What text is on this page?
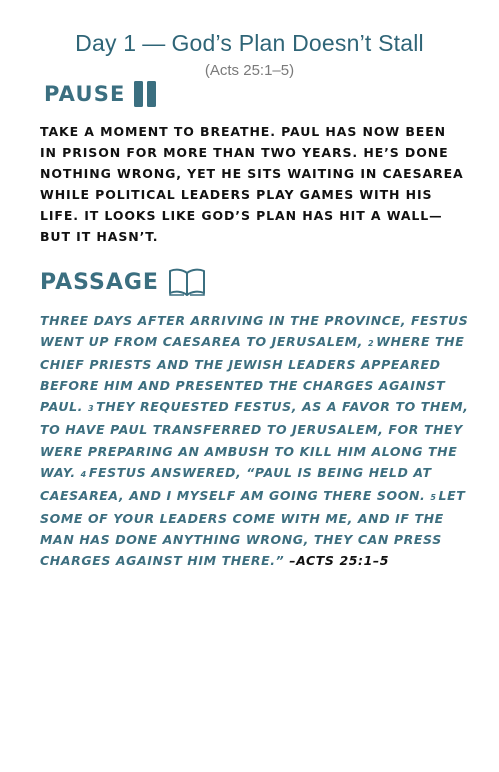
Day 1 — God’s Plan Doesn’t Stall
(Acts 25:1–5)
PAUSE
TAKE A MOMENT TO BREATHE. PAUL HAS NOW BEEN
IN PRISON FOR MORE THAN TWO YEARS. HE’S DONE
NOTHING WRONG, YET HE SITS WAITING IN CAESAREA
WHILE POLITICAL LEADERS PLAY GAMES WITH HIS
LIFE. IT LOOKS LIKE GOD’S PLAN HAS HIT A WALL—
BUT IT HASN’T.
PASSAGE
THREE DAYS AFTER ARRIVING IN THE PROVINCE, FESTUS
WENT UP FROM CAESAREA TO JERUSALEM, 2 WHERE THE
CHIEF PRIESTS AND THE JEWISH LEADERS APPEARED
BEFORE HIM AND PRESENTED THE CHARGES AGAINST
PAUL. 3 THEY REQUESTED FESTUS, AS A FAVOR TO THEM,
TO HAVE PAUL TRANSFERRED TO JERUSALEM, FOR THEY
WERE PREPARING AN AMBUSH TO KILL HIM ALONG THE
WAY. 4 FESTUS ANSWERED, “PAUL IS BEING HELD AT
CAESAREA, AND I MYSELF AM GOING THERE SOON. 5 LET
SOME OF YOUR LEADERS COME WITH ME, AND IF THE
MAN HAS DONE ANYTHING WRONG, THEY CAN PRESS
CHARGES AGAINST HIM THERE.” –ACTS 25:1–5
